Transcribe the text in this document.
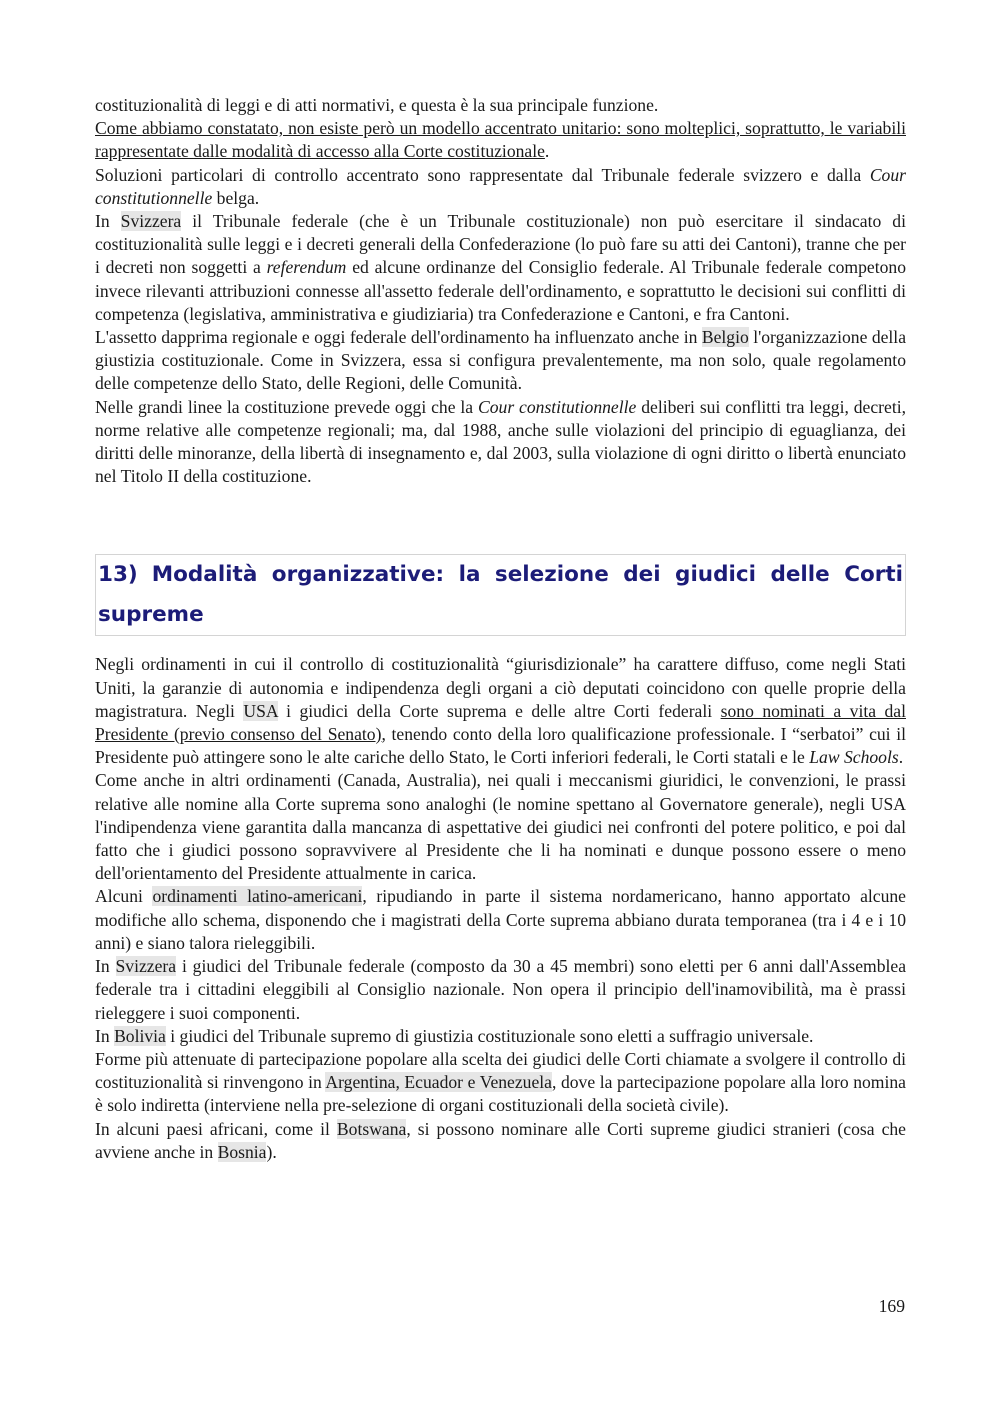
costituzionalità di leggi e di atti normativi, e questa è la sua principale funzione.

Come abbiamo constatato, non esiste però un modello accentrato unitario: sono molteplici, soprattutto, le variabili rappresentate dalle modalità di accesso alla Corte costituzionale.

Soluzioni particolari di controllo accentrato sono rappresentate dal Tribunale federale svizzero e dalla Cour constitutionnelle belga.

In Svizzera il Tribunale federale (che è un Tribunale costituzionale) non può esercitare il sindacato di costituzionalità sulle leggi e i decreti generali della Confederazione (lo può fare su atti dei Cantoni), tranne che per i decreti non soggetti a referendum ed alcune ordinanze del Consiglio federale. Al Tribunale federale competono invece rilevanti attribuzioni connesse all'assetto federale dell'ordinamento, e soprattutto le decisioni sui conflitti di competenza (legislativa, amministrativa e giudiziaria) tra Confederazione e Cantoni, e fra Cantoni.

L'assetto dapprima regionale e oggi federale dell'ordinamento ha influenzato anche in Belgio l'organizzazione della giustizia costituzionale. Come in Svizzera, essa si configura prevalentemente, ma non solo, quale regolamento delle competenze dello Stato, delle Regioni, delle Comunità.

Nelle grandi linee la costituzione prevede oggi che la Cour constitutionnelle deliberi sui conflitti tra leggi, decreti, norme relative alle competenze regionali; ma, dal 1988, anche sulle violazioni del principio di eguaglianza, dei diritti delle minoranze, della libertà di insegnamento e, dal 2003, sulla violazione di ogni diritto o libertà enunciato nel Titolo II della costituzione.

13) Modalità organizzative: la selezione dei giudici delle Corti supreme

Negli ordinamenti in cui il controllo di costituzionalità “giurisdizionale” ha carattere diffuso, come negli Stati Uniti, la garanzie di autonomia e indipendenza degli organi a ciò deputati coincidono con quelle proprie della magistratura. Negli USA i giudici della Corte suprema e delle altre Corti federali sono nominati a vita dal Presidente (previo consenso del Senato), tenendo conto della loro qualificazione professionale. I “serbatoi” cui il Presidente può attingere sono le alte cariche dello Stato, le Corti inferiori federali, le Corti statali e le Law Schools.

Come anche in altri ordinamenti (Canada, Australia), nei quali i meccanismi giuridici, le convenzioni, le prassi relative alle nomine alla Corte suprema sono analoghi (le nomine spettano al Governatore generale), negli USA l'indipendenza viene garantita dalla mancanza di aspettative dei giudici nei confronti del potere politico, e poi dal fatto che i giudici possono sopravvivere al Presidente che li ha nominati e dunque possono essere o meno dell'orientamento del Presidente attualmente in carica.

Alcuni ordinamenti latino-americani, ripudiando in parte il sistema nordamericano, hanno apportato alcune modifiche allo schema, disponendo che i magistrati della Corte suprema abbiano durata temporanea (tra i 4 e i 10 anni) e siano talora rieleggibili.

In Svizzera i giudici del Tribunale federale (composto da 30 a 45 membri) sono eletti per 6 anni dall'Assemblea federale tra i cittadini eleggibili al Consiglio nazionale. Non opera il principio dell'inamovibilità, ma è prassi rieleggere i suoi componenti.

In Bolivia i giudici del Tribunale supremo di giustizia costituzionale sono eletti a suffragio universale.

Forme più attenuate di partecipazione popolare alla scelta dei giudici delle Corti chiamate a svolgere il controllo di costituzionalità si rinvengono in Argentina, Ecuador e Venezuela, dove la partecipazione popolare alla loro nomina è solo indiretta (interviene nella pre-selezione di organi costituzionali della società civile).

In alcuni paesi africani, come il Botswana, si possono nominare alle Corti supreme giudici stranieri (cosa che avviene anche in Bosnia).

169
